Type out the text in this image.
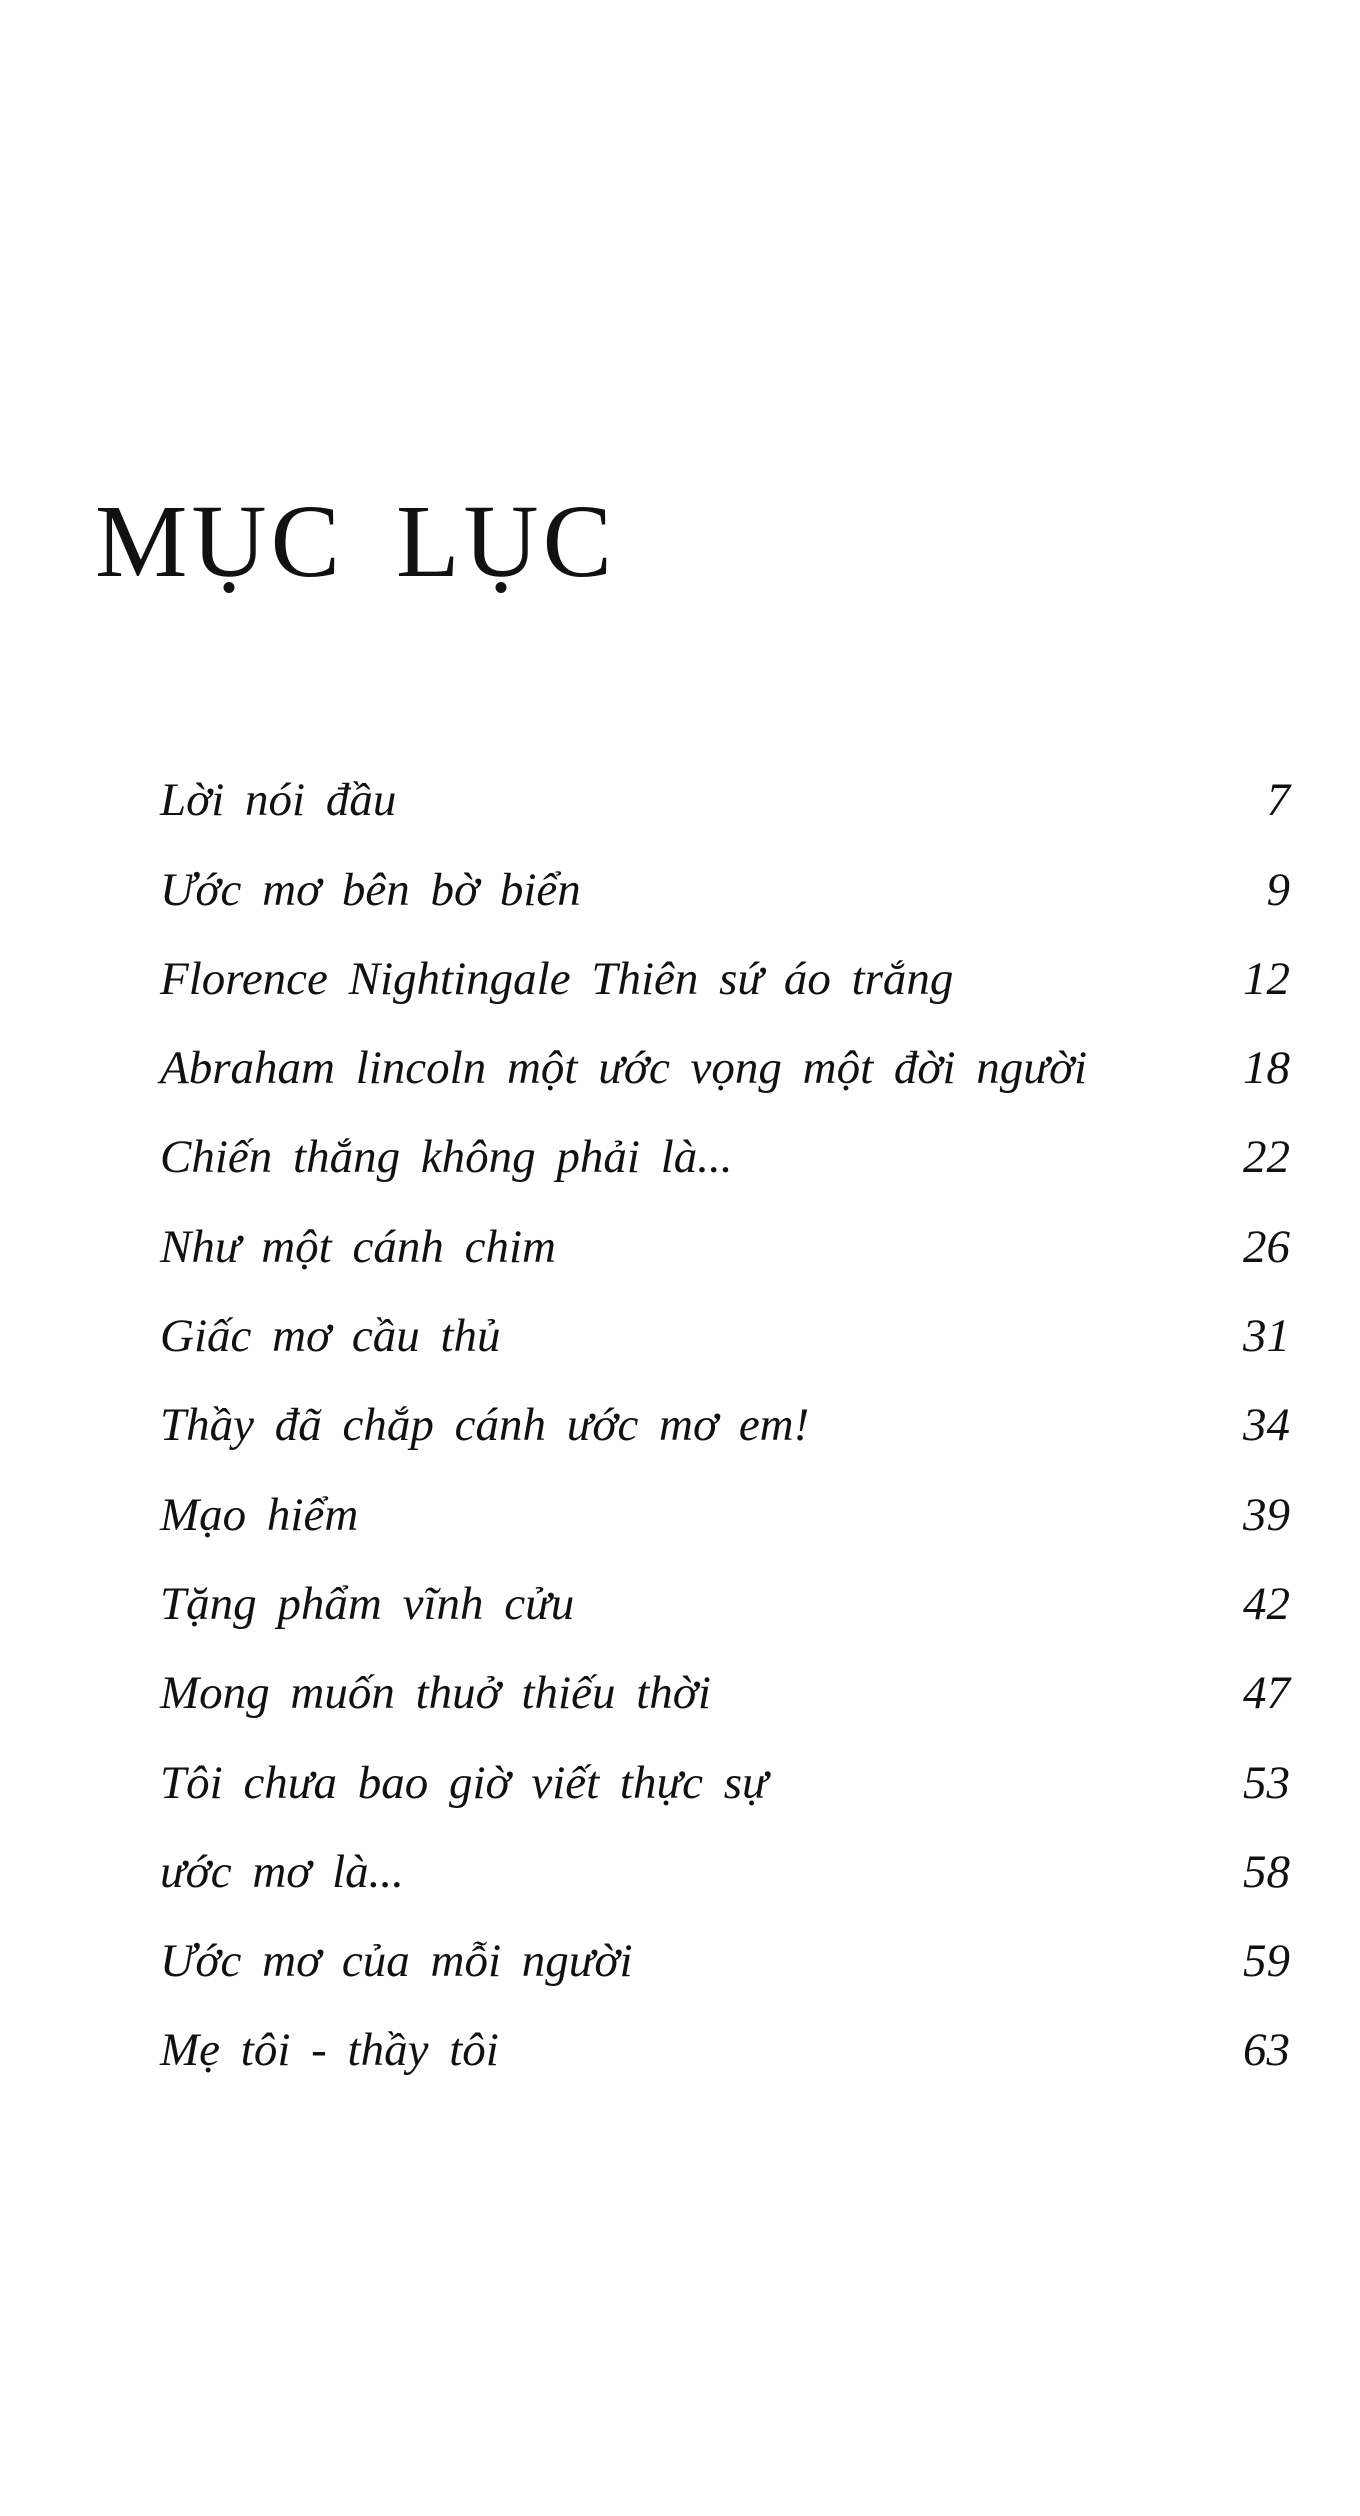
MỤC LỤC
Lời nói đầu	7
Ước mơ bên bờ biển	9
Florence Nightingale Thiên sứ áo trắng	12
Abraham lincoln một ước vọng một đời người	18
Chiến thắng không phải là...	22
Như một cánh chim	26
Giấc mơ cầu thủ	31
Thầy đã chắp cánh ước mơ em!	34
Mạo hiểm	39
Tặng phẩm vĩnh cửu	42
Mong muốn thuở thiếu thời	47
Tôi chưa bao giờ viết thực sự	53
ước mơ là...	58
Ước mơ của mỗi người	59
Mẹ tôi - thầy tôi	63
